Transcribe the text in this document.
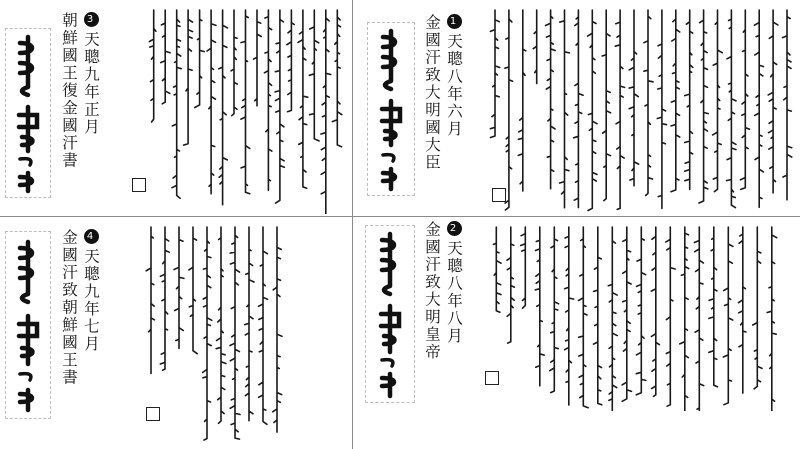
3天聰九年正月
朝鮮國王復金國汗書	1天聰八年六月
金國汗致大明國大臣
4天聰九年七月
金國汗致朝鮮國王書
2天聰八年八月
金國汗致大明皇帝
